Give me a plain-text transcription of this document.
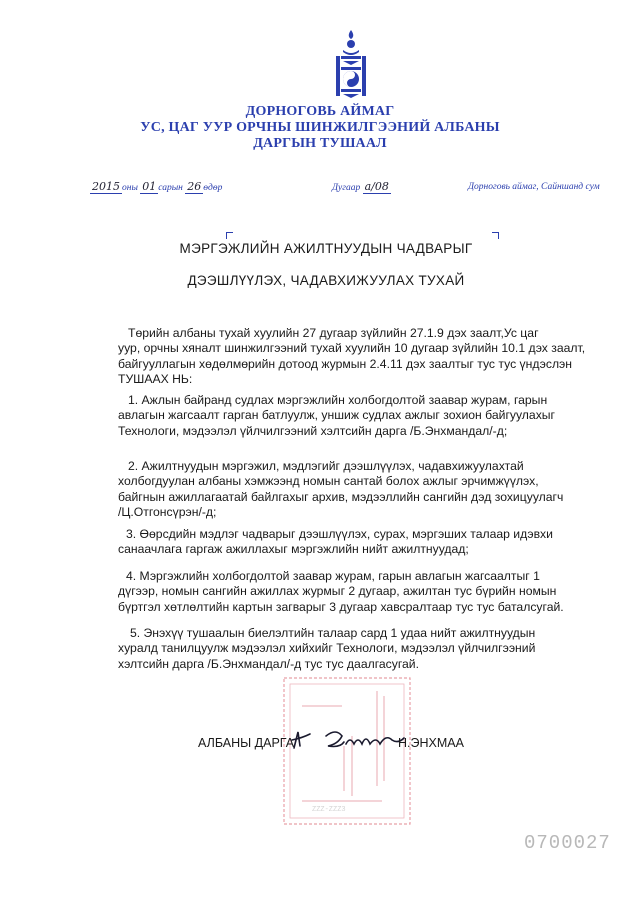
ДОРНОГОВЬ АЙМАГ
УС, ЦАГ УУР ОРЧНЫ ШИНЖИЛГЭЭНИЙ АЛБАНЫ
ДАРГЫН ТУШААЛ
2015 оны 01 сарын 26 өдөр	Дугаар а/08	Дорноговь аймаг, Сайншанд сум
МЭРГЭЖЛИЙН АЖИЛТНУУДЫН ЧАДВАРЫГ
ДЭЭШЛҮҮЛЭХ, ЧАДАВХИЖУУЛАХ ТУХАЙ
Төрийн албаны тухай хуулийн 27 дугаар зүйлийн 27.1.9 дэх заалт,Ус цаг
уур, орчны хяналт шинжилгээний тухай хуулийн 10 дугаар зүйлийн 10.1 дэх заалт,
байгууллагын хөдөлмөрийн дотоод журмын 2.4.11 дэх заалтыг тус тус үндэслэн
ТУШААХ НЬ:
1. Ажлын байранд судлах мэргэжлийн холбогдолтой заавар журам, гарын
авлагын жагсаалт гарган батлуулж, уншиж судлах ажлыг зохион байгуулахыг
Технологи, мэдээлэл үйлчилгээний хэлтсийн дарга /Б.Энхмандал/-д;
2. Ажилтнуудын мэргэжил, мэдлэгийг дээшлүүлэх, чадавхижуулахтай
холбогдуулан албаны хэмжээнд номын сантай болох ажлыг эрчимжүүлэх,
байгнын ажиллагаатай байлгахыг архив, мэдээллийн сангийн дэд зохицуулагч
/Ц.Отгонсүрэн/-д;
3. Өөрсдийн мэдлэг чадварыг дээшлүүлэх, сурах, мэргэших талаар идэвхи
санаачлага гаргаж ажиллахыг мэргэжлийн нийт ажилтнуудад;
4. Мэргэжлийн холбогдолтой заавар журам, гарын авлагын жагсаалтыг 1
дүгээр, номын сангийн ажиллах журмыг 2 дугаар, ажилтан тус бүрийн номын
бүртгэл хөтлөлтийн картын загварыг 3 дугаар хавсралтаар тус тус баталсугай.
5. Энэхүү тушаалын биелэлтийн талаар сард 1 удаа нийт ажилтнуудын
хуралд танилцуулж мэдээлэл хийхийг Технологи, мэдээлэл үйлчилгээний
хэлтсийн дарга /Б.Энхмандал/-д тус тус даалгасугай.
ZZZ-ZZZ3
АЛБАНЫ ДАРГА	Н.ЭНХМАА
0700027
